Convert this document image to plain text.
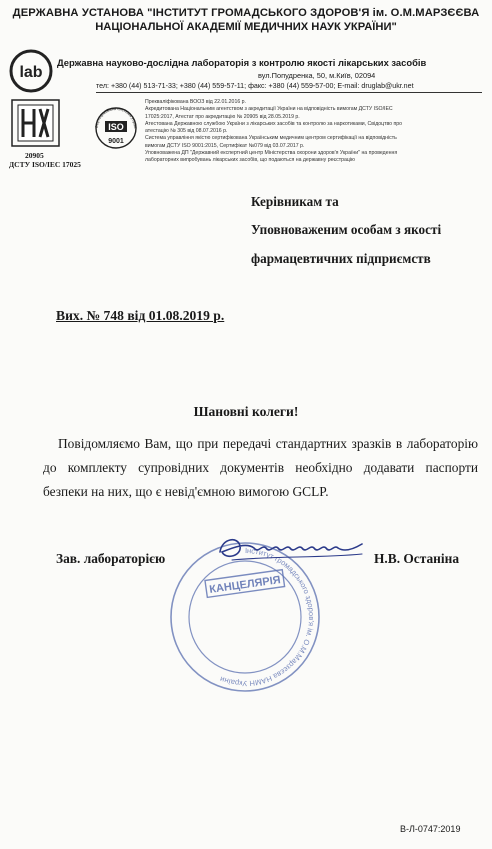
ДЕРЖАВНА УСТАНОВА "ІНСТИТУТ ГРОМАДСЬКОГО ЗДОРОВ'Я ім. О.М.МАРЗЄЄВА
НАЦІОНАЛЬНОЇ АКАДЕМІЇ МЕДИЧНИХ НАУК УКРАЇНИ"
lab
Державна науково-дослідна лабораторія з контролю якості лікарських засобів
вул.Попудренка, 50, м.Київ, 02094
тел: +380 (44) 513-71-33; +380 (44) 559-57-11; факс: +380 (44) 559-57-00; E-mail: druglab@ukr.net
20905
ДСТУ ISO/IEC 17025
Сертифікована система управ
ISO
9001
Прекваліфікована ВООЗ від 22.01.2016 р.
Акредитована Національним агентством з акредитації України на відповідність вимогам ДСТУ ISO/IEC
17025:2017, Атестат про акредитацію № 20905 від 28.05.2019 р.
Атестована Державною службою України з лікарських засобів та контролю за наркотиками, Свідоцтво про
атестацію № 305 від 08.07.2016 р.
Система управління якістю сертифікована Українським медичним центром сертифікації на відповідність
вимогам ДСТУ ISO 9001:2015, Сертифікат №079 від 03.07.2017 р.
Уповноважена ДП "Державний експертний центр Міністерства охорони здоров'я України" на проведення
лабораторних випробувань лікарських засобів, що подаються на державну реєстрацію
Керівникам та
Уповноваженим особам з якості
фармацевтичних підприємств
Вих. № 748 від 01.08.2019 р.
Шановні колеги!
Повідомляємо Вам, що при передачі стандартних зразків в лабораторію до комплекту супровідних документів необхідно додавати паспорти безпеки на них, що є невід'ємною вимогою GCLP.
Інститут громадського здоров'я ім. О.М.Марзєєва НАМН України
КАНЦЕЛЯРІЯ
Зав. лабораторією	Н.В. Останіна
В-Л-0747:2019
